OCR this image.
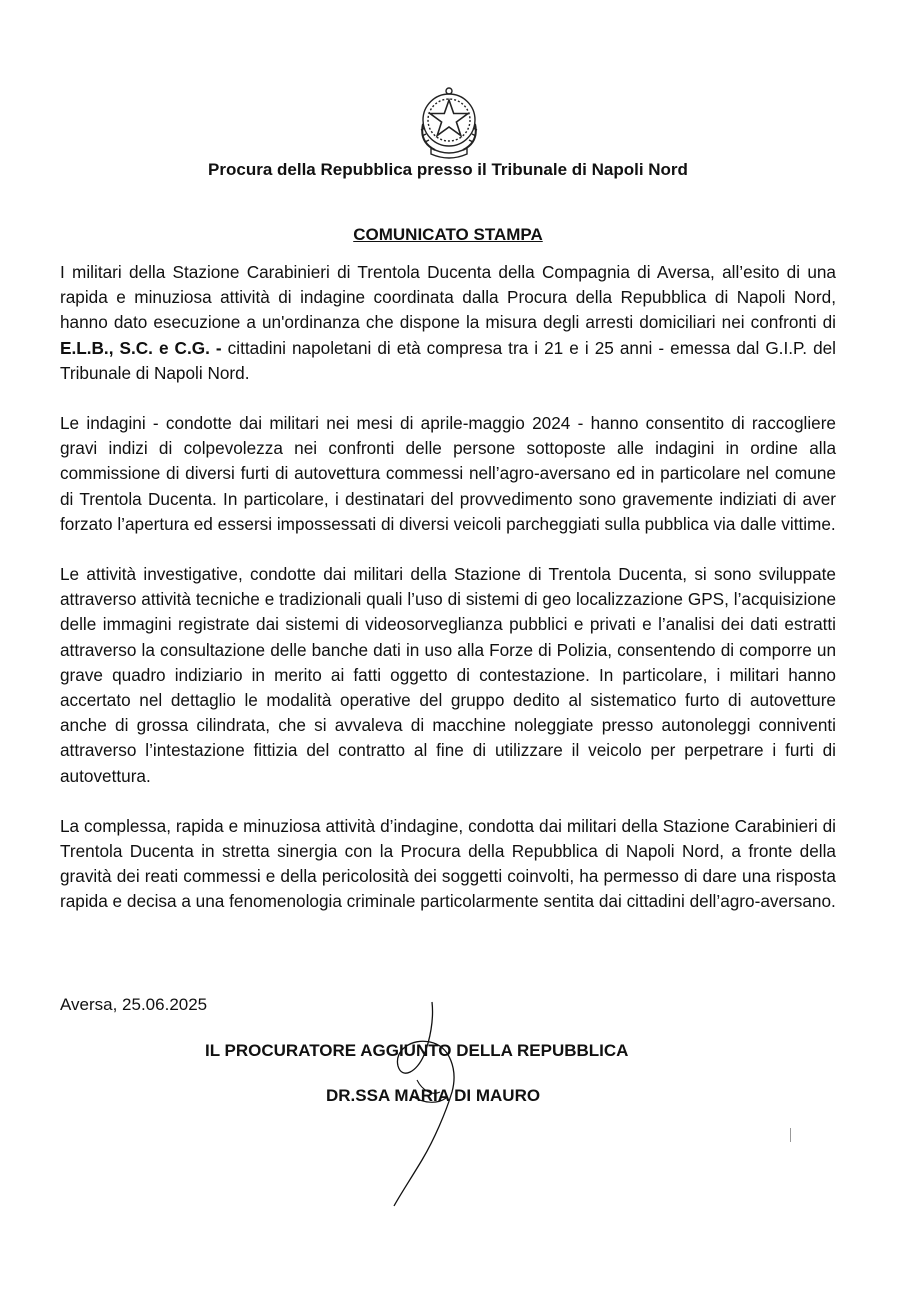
Procura della Repubblica presso il Tribunale di Napoli Nord
COMUNICATO STAMPA

I militari della Stazione Carabinieri di Trentola Ducenta della Compagnia di Aversa, all’esito di una rapida e minuziosa attività di indagine coordinata dalla Procura della Repubblica di Napoli Nord, hanno dato esecuzione a un'ordinanza che dispone la misura degli arresti domiciliari nei confronti di E.L.B., S.C. e C.G. - cittadini napoletani di età compresa tra i 21 e i 25 anni - emessa dal G.I.P. del Tribunale di Napoli Nord.

Le indagini - condotte dai militari nei mesi di aprile-maggio 2024 - hanno consentito di raccogliere gravi indizi di colpevolezza nei confronti delle persone sottoposte alle indagini in ordine alla commissione di diversi furti di autovettura commessi nell’agro-aversano ed in particolare nel comune di Trentola Ducenta. In particolare, i destinatari del provvedimento sono gravemente indiziati di aver forzato l’apertura ed essersi impossessati di diversi veicoli parcheggiati sulla pubblica via dalle vittime.

Le attività investigative, condotte dai militari della Stazione di Trentola Ducenta, si sono sviluppate attraverso attività tecniche e tradizionali quali l’uso di sistemi di geo localizzazione GPS, l’acquisizione delle immagini registrate dai sistemi di videosorveglianza pubblici e privati e l’analisi dei dati estratti attraverso la consultazione delle banche dati in uso alla Forze di Polizia, consentendo di comporre un grave quadro indiziario in merito ai fatti oggetto di contestazione. In particolare, i militari hanno accertato nel dettaglio le modalità operative del gruppo dedito al sistematico furto di autovetture anche di grossa cilindrata, che si avvaleva di macchine noleggiate presso autonoleggi conniventi attraverso l’intestazione fittizia del contratto al fine di utilizzare il veicolo per perpetrare i furti di autovettura.

La complessa, rapida e minuziosa attività d’indagine, condotta dai militari della Stazione Carabinieri di Trentola Ducenta in stretta sinergia con la Procura della Repubblica di Napoli Nord, a fronte della gravità dei reati commessi e della pericolosità dei soggetti coinvolti, ha permesso di dare una risposta rapida e decisa a una fenomenologia criminale particolarmente sentita dai cittadini dell’agro-aversano.

Aversa, 25.06.2025
IL PROCURATORE AGGIUNTO DELLA REPUBBLICA
DR.SSA MARIA DI MAURO
